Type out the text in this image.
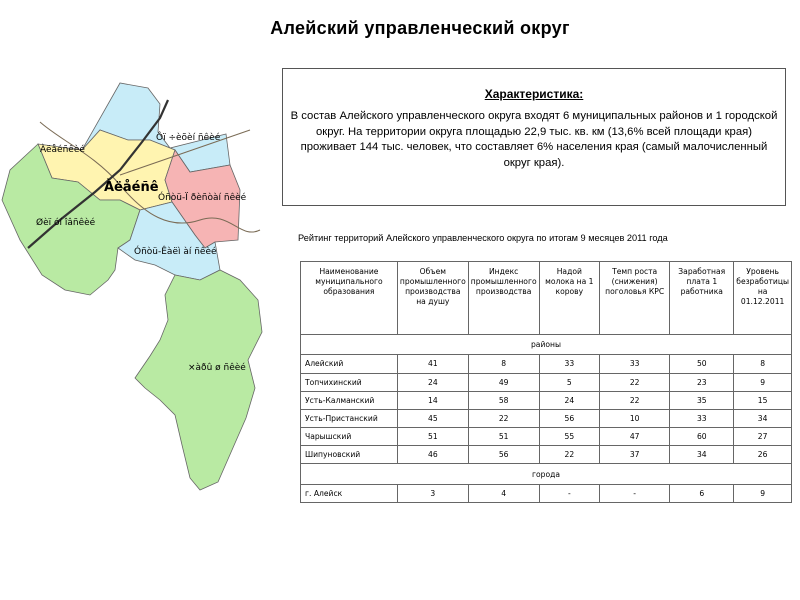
Алейский управленческий округ
Ôï ÷èõèí ñêèé
Àëåéñêèé
Àëåéñê
Óñòü-Ï ðèñòàí ñêèé
Øèï óí îâñêèé
Óñòü-Êàëì àí ñêèé
×àðû ø ñêèé
Характеристика:
В состав Алейского управленческого округа входят 6 муниципальных районов и 1 городской округ. На территории округа площадью 22,9 тыс. кв. км (13,6% всей площади края) проживает 144 тыс. человек, что составляет 6% населения края (самый малочисленный округ края).
Рейтинг территорий Алейского управленческого округа по итогам 9 месяцев 2011 года
Наименование муниципального образования	Объем промышленного производства на душу	Индекс промышленного производства	Надой молока на 1 корову	Темп роста (снижения) поголовья КРС	Заработная плата 1 работника	Уровень безработицы на 01.12.2011
районы						
Алейский	41	8	33	33	50	8
Топчихинский	24	49	5	22	23	9
Усть-Калманский	14	58	24	22	35	15
Усть-Пристанский	45	22	56	10	33	34
Чарышский	51	51	55	47	60	27
Шипуновский	46	56	22	37	34	26
города						
г. Алейск	3	4	-	-	6	9
